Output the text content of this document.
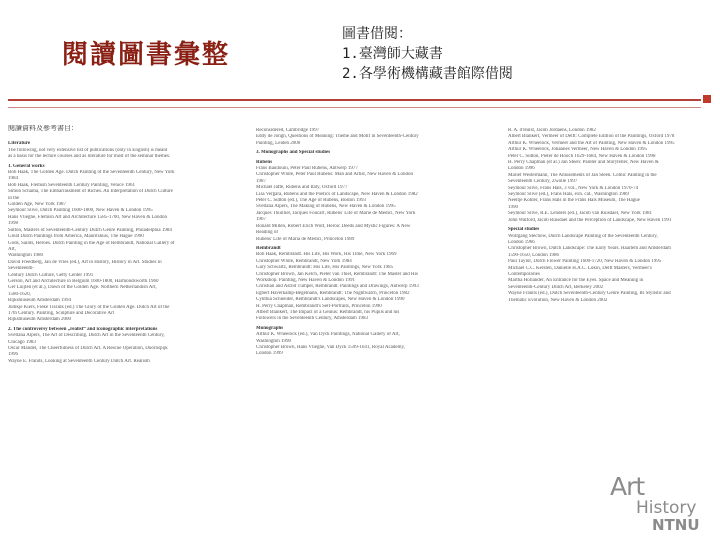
閱讀圖書彙整
圖書借閱：
1.臺灣師大藏書
2.各學術機構藏書館際借閱
閱讀資料及參考書目：
Literature
The following, not very extensive list of publications (only in English) is meant
as a basis for the lecture courses and as literature for most of the seminar themes.
1. General works
Bob Haak, The Golden Age. Dutch Painting of the Seventeenth Century, New York
1984
Bob Haak, Flemish Seventeenth Century Painting, Venice 1961
Simon Schama, The Embarrassment of Riches. An Interpretation of Dutch Culture
in the
Golden Age, New York 1987
Seymour Slive, Dutch Painting 1600-1800, New Haven & London 1995
Hans Vlieghe, Flemish Art and Architecture 1585-1700, New Haven & London
1998
Sutton, Masters of Seventeenth-Century Dutch Genre Painting, Philadelphia 1984
Great Dutch Paintings from America, Mauritshuis, The Hague 1990
Gods, Saints, Heroes. Dutch Painting in the Age of Rembrandt, National Gallery of
Art,
Washington 1980
David Freedberg, Jan de Vries (ed.), Art in History, History in Art. Studies in
Seventeenth-
Century Dutch Culture, Getty Center 1991
Gerson, Art and Architecture in Belgium 1600-1800, Harmondsworth 1960
Ger Luijten (et al.), Dawn of the Golden Age. Northern Netherlandish Art,
1580-1620,
Rijksmuseum Amsterdam 1994
Judikje Kiers, Fieke Tissink (ed.) The Glory of the Golden Age. Dutch Art of the
17th Century. Painting, Sculpture and Decorative Art
Rijksmuseum Amsterdam 2000
2. The controversy between „realist“ and iconographic interpretations
Svetlana Alpers, The Art of Describing. Dutch Art in the Seventeenth Century,
Chicago 1983
Oscar Mandel, The Cheerfulness of Dutch Art. A Rescue Operation, Doornspijk
1996
Wayne E. Franits, Looking at Seventeenth Century Dutch Art. Realism
Reconsidered, Cambridge 1997
Eddy de Jongh, Questions of Meaning: Theme and Motif in Seventeenth-Century
Painting, Leiden 2000
3. Monographs and Special studies
Rubens
Frans Baudouin, Peter Paul Rubens, Antwerp 1977
Christopher White, Peter Paul Rubens: Man and Artist, New Haven & London
1987
Michael Jaffé, Rubens and Italy, Oxford 1977
Lisa Vergara, Rubens and the Poetics of Landscape, New Haven & London 1982
Peter C. Sutton (ed.), The Age of Rubens, Boston 1993
Svetlana Alpers, The Making of Rubens, New Haven & London 1995
Jacques Thuillier, Jacques Foucart, Rubens' Life of Marie de Medici, New York
1967
Ronald Millen, Robert Erich Wolf, Heroic Deeds and Mystic Figures: A New
Reading of
Rubens' Life of Maria de Medici, Princeton 1989
Rembrandt
Bob Haak, Rembrandt. His Life, His Work, His Time, New York 1969
Christopher White, Rembrandt, New York 1984
Gary Schwartz, Rembrandt: His Life, His Paintings, New York 1985
Christopher Brown, Jan Kelch, Pieter van Thiel, Rembrandt: The Master and His
Workshop. Painting, New Haven & London 1991
Christian and Astrid Tumpel, Rembrandt. Paintings and Drawings, Antwerp 1993
Egbert Haverkamp-Begemann, Rembrandt: The Nightwatch, Princeton 1982
Cynthia Schneider, Rembrandt's Landscapes, New Haven & London 1990
H. Perry Chapman, Rembrandt's Self-Portraits, Princeton 1990
Albert Blankert, The Impact of a Genius: Rembrandt, his Pupils and his
Followers in the Seventeenth Century, Amsterdam 1983
Monographs
Arthur K. Wheelock (ed.), Van Dyck Paintings, National Gallery of Art,
Washington 1990
Christopher Brown, Hans Vlieghe, Van Dyck 1599-1641, Royal Academy,
London 1999
R. A. d'Hulst, Jacob Jordaens, London 1982
Albert Blankert, Vermeer of Delft: Complete Edition of the Paintings, Oxford 1978
Arthur K. Wheelock, Vermeer and the Art of Painting, New Haven & London 1995
Arthur K. Wheelock, Johannes Vermeer, New Haven & London 1995
Peter C. Sutton, Pieter de Hooch 1629-1684, New Haven & London 1998
H. Perry Chapman (et al.) Jan Steen: Painter and Storyteller, New Haven &
London 1996
Mariet Westermann, The Amusements of Jan Steen. Comic Painting in the
Seventeenth Century, Zwolle 1997
Seymour Slive, Frans Hals, 3 vol., New York & London 1970-74
Seymour Slive (ed.), Frans Hals, exh. cat., Washington 1989
Neeltje Köhler, Frans Hals in the Frans Hals Museum, The Hague
1990
Seymour Slive, R.E. Lenders (ed.), Jacob van Ruisdael, New York 1981
John Walford, Jacob Ruisdael and the Perception of Landscape, New Haven 1991
Special studies
Wolfgang Stechow, Dutch Landscape Painting of the Seventeenth Century,
London 1966
Christopher Brown, Dutch Landscape: The Early Years. Haarlem and Amsterdam
1590-1650, London 1986
Paul Taylor, Dutch Flower Painting 1600-1720, New Haven & London 1995
Michael C.C. Kersten, Daniëlle H.A.C. Lokin, Delft Masters, Vermeer's
Contemporaries
Martha Hollander, An Entrance for the Eyes. Space and Meaning in
Seventeenth-Century Dutch Art, Berkeley 2002
Wayne Franits (ed.), Dutch Seventeenth-Century Genre Painting, Its Stylistic and
Thematic Evolution, New Haven & London 2002
Art
History
NTNU
